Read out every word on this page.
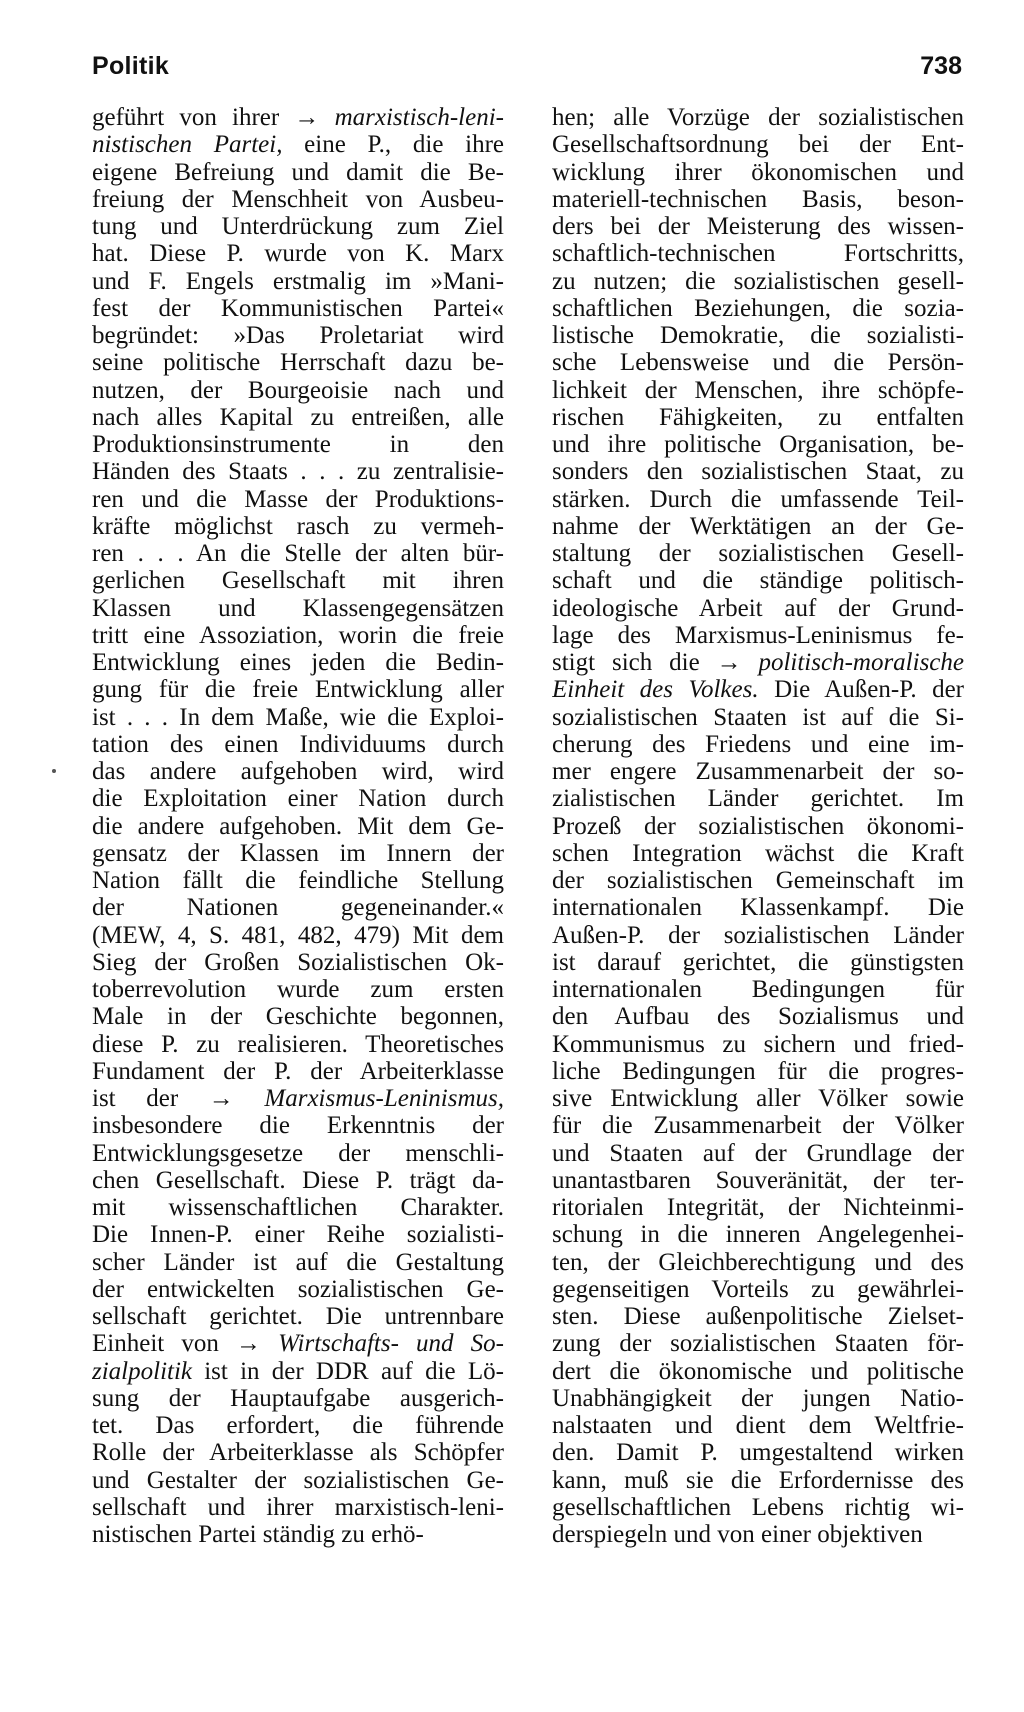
Politik	738
geführt von ihrer → marxistisch-leni-
nistischen Partei, eine P., die ihre
eigene Befreiung und damit die Be-
freiung der Menschheit von Ausbeu-
tung und Unterdrückung zum Ziel
hat. Diese P. wurde von K. Marx
und F. Engels erstmalig im »Mani-
fest der Kommunistischen Partei«
begründet: »Das Proletariat wird
seine politische Herrschaft dazu be-
nutzen, der Bourgeoisie nach und
nach alles Kapital zu entreißen, alle
Produktionsinstrumente in den
Händen des Staats . . . zu zentralisie-
ren und die Masse der Produktions-
kräfte möglichst rasch zu vermeh-
ren . . . An die Stelle der alten bür-
gerlichen Gesellschaft mit ihren
Klassen und Klassengegensätzen
tritt eine Assoziation, worin die freie
Entwicklung eines jeden die Bedin-
gung für die freie Entwicklung aller
ist . . . In dem Maße, wie die Exploi-
tation des einen Individuums durch
das andere aufgehoben wird, wird
die Exploitation einer Nation durch
die andere aufgehoben. Mit dem Ge-
gensatz der Klassen im Innern der
Nation fällt die feindliche Stellung
der Nationen gegeneinander.«
(MEW, 4, S. 481, 482, 479) Mit dem
Sieg der Großen Sozialistischen Ok-
toberrevolution wurde zum ersten
Male in der Geschichte begonnen,
diese P. zu realisieren. Theoretisches
Fundament der P. der Arbeiterklasse
ist der → Marxismus-Leninismus,
insbesondere die Erkenntnis der
Entwicklungsgesetze der menschli-
chen Gesellschaft. Diese P. trägt da-
mit wissenschaftlichen Charakter.
Die Innen-P. einer Reihe sozialisti-
scher Länder ist auf die Gestaltung
der entwickelten sozialistischen Ge-
sellschaft gerichtet. Die untrennbare
Einheit von → Wirtschafts- und So-
zialpolitik ist in der DDR auf die Lö-
sung der Hauptaufgabe ausgerich-
tet. Das erfordert, die führende
Rolle der Arbeiterklasse als Schöpfer
und Gestalter der sozialistischen Ge-
sellschaft und ihrer marxistisch-leni-
nistischen Partei ständig zu erhö-
hen; alle Vorzüge der sozialistischen
Gesellschaftsordnung bei der Ent-
wicklung ihrer ökonomischen und
materiell-technischen Basis, beson-
ders bei der Meisterung des wissen-
schaftlich-technischen Fortschritts,
zu nutzen; die sozialistischen gesell-
schaftlichen Beziehungen, die sozia-
listische Demokratie, die sozialisti-
sche Lebensweise und die Persön-
lichkeit der Menschen, ihre schöpfe-
rischen Fähigkeiten, zu entfalten
und ihre politische Organisation, be-
sonders den sozialistischen Staat, zu
stärken. Durch die umfassende Teil-
nahme der Werktätigen an der Ge-
staltung der sozialistischen Gesell-
schaft und die ständige politisch-
ideologische Arbeit auf der Grund-
lage des Marxismus-Leninismus fe-
stigt sich die → politisch-moralische
Einheit des Volkes. Die Außen-P. der
sozialistischen Staaten ist auf die Si-
cherung des Friedens und eine im-
mer engere Zusammenarbeit der so-
zialistischen Länder gerichtet. Im
Prozeß der sozialistischen ökonomi-
schen Integration wächst die Kraft
der sozialistischen Gemeinschaft im
internationalen Klassenkampf. Die
Außen-P. der sozialistischen Länder
ist darauf gerichtet, die günstigsten
internationalen Bedingungen für
den Aufbau des Sozialismus und
Kommunismus zu sichern und fried-
liche Bedingungen für die progres-
sive Entwicklung aller Völker sowie
für die Zusammenarbeit der Völker
und Staaten auf der Grundlage der
unantastbaren Souveränität, der ter-
ritorialen Integrität, der Nichteinmi-
schung in die inneren Angelegenhei-
ten, der Gleichberechtigung und des
gegenseitigen Vorteils zu gewährlei-
sten. Diese außenpolitische Zielset-
zung der sozialistischen Staaten för-
dert die ökonomische und politische
Unabhängigkeit der jungen Natio-
nalstaaten und dient dem Weltfrie-
den. Damit P. umgestaltend wirken
kann, muß sie die Erfordernisse des
gesellschaftlichen Lebens richtig wi-
derspiegeln und von einer objektiven
